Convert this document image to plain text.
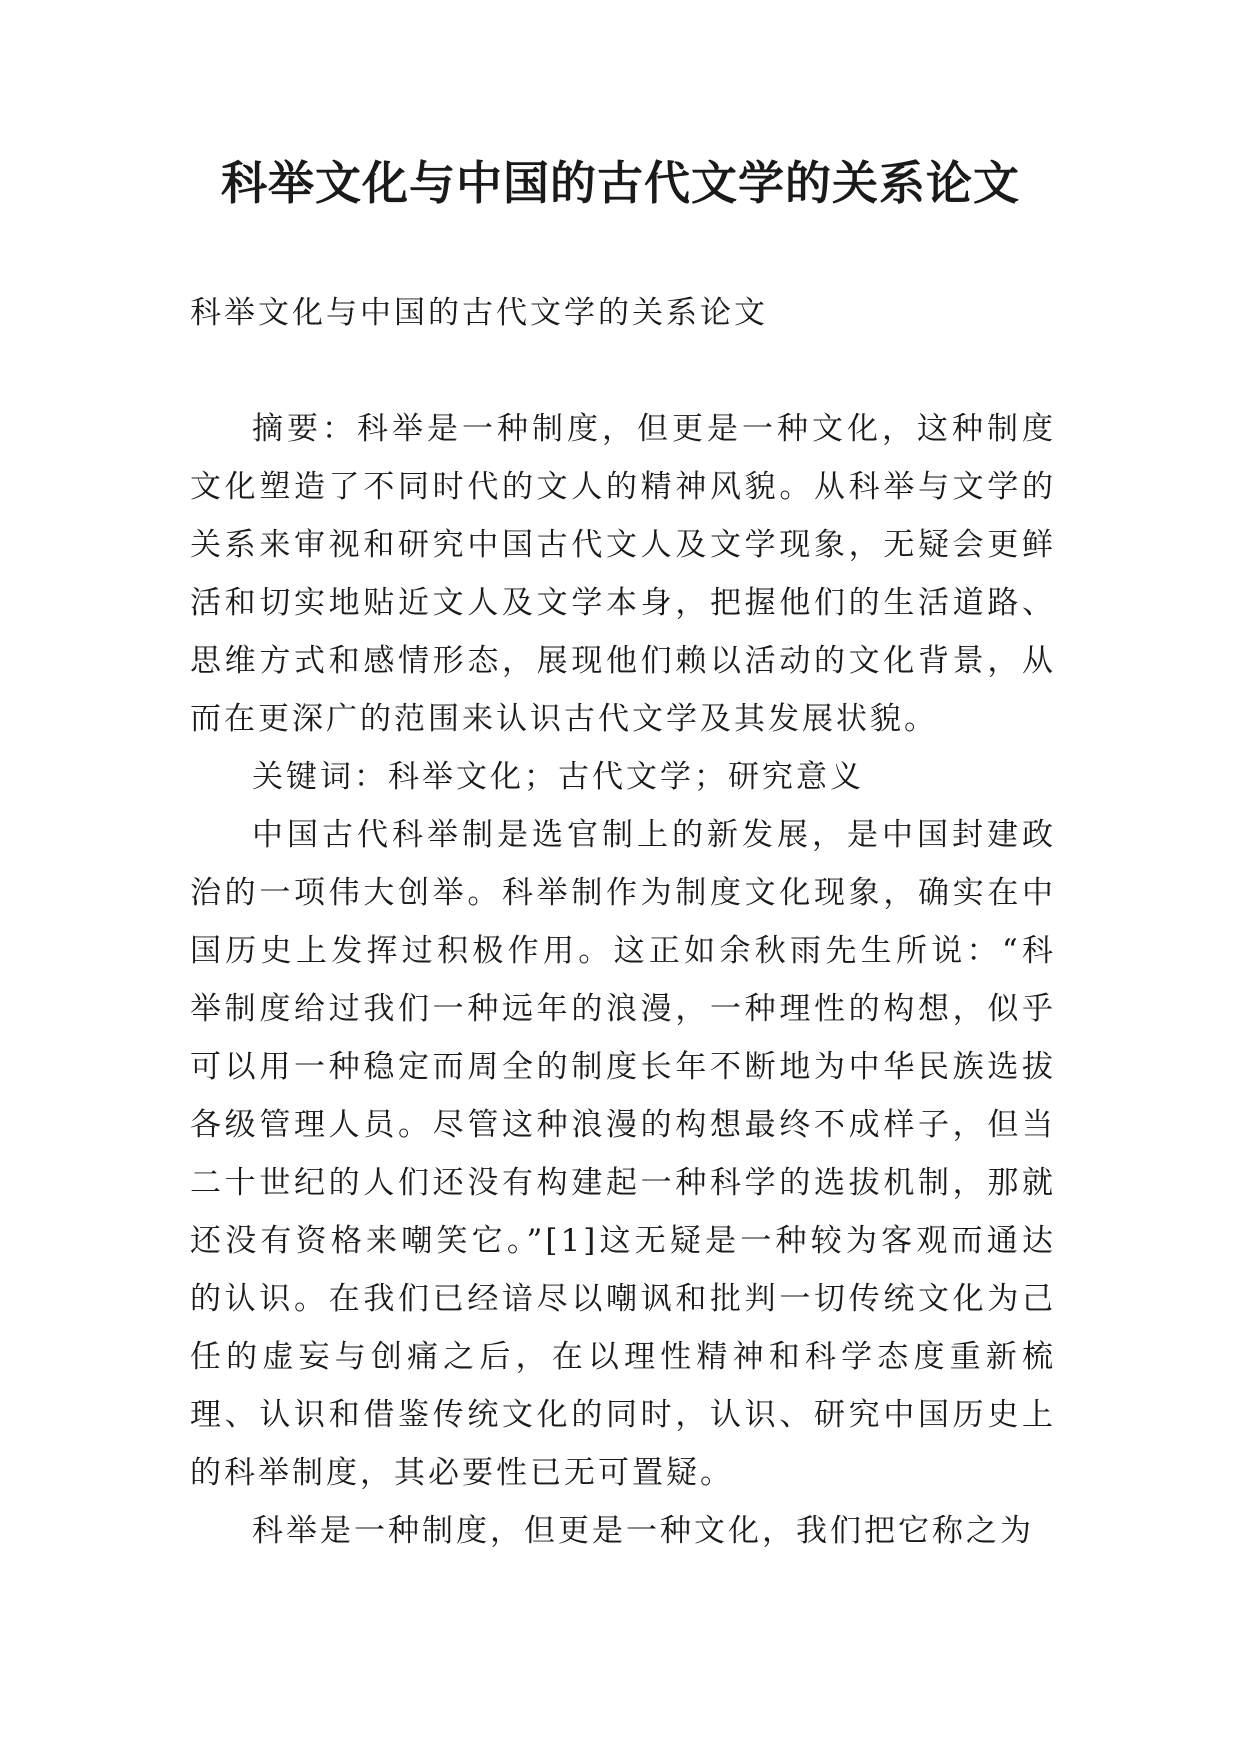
科举文化与中国的古代文学的关系论文

科举文化与中国的古代文学的关系论文

摘要：科举是一种制度，但更是一种文化，这种制度文化塑造了不同时代的文人的精神风貌。从科举与文学的关系来审视和研究中国古代文人及文学现象，无疑会更鲜活和切实地贴近文人及文学本身，把握他们的生活道路、思维方式和感情形态，展现他们赖以活动的文化背景，从而在更深广的范围来认识古代文学及其发展状貌。

关键词：科举文化；古代文学；研究意义

中国古代科举制是选官制上的新发展，是中国封建政治的一项伟大创举。科举制作为制度文化现象，确实在中国历史上发挥过积极作用。这正如余秋雨先生所说：“科举制度给过我们一种远年的浪漫，一种理性的构想，似乎可以用一种稳定而周全的制度长年不断地为中华民族选拔各级管理人员。尽管这种浪漫的构想最终不成样子，但当二十世纪的人们还没有构建起一种科学的选拔机制，那就还没有资格来嘲笑它。”[1]这无疑是一种较为客观而通达的认识。在我们已经谙尽以嘲讽和批判一切传统文化为己任的虚妄与创痛之后，在以理性精神和科学态度重新梳理、认识和借鉴传统文化的同时，认识、研究中国历史上的科举制度，其必要性已无可置疑。

科举是一种制度，但更是一种文化，我们把它称之为
